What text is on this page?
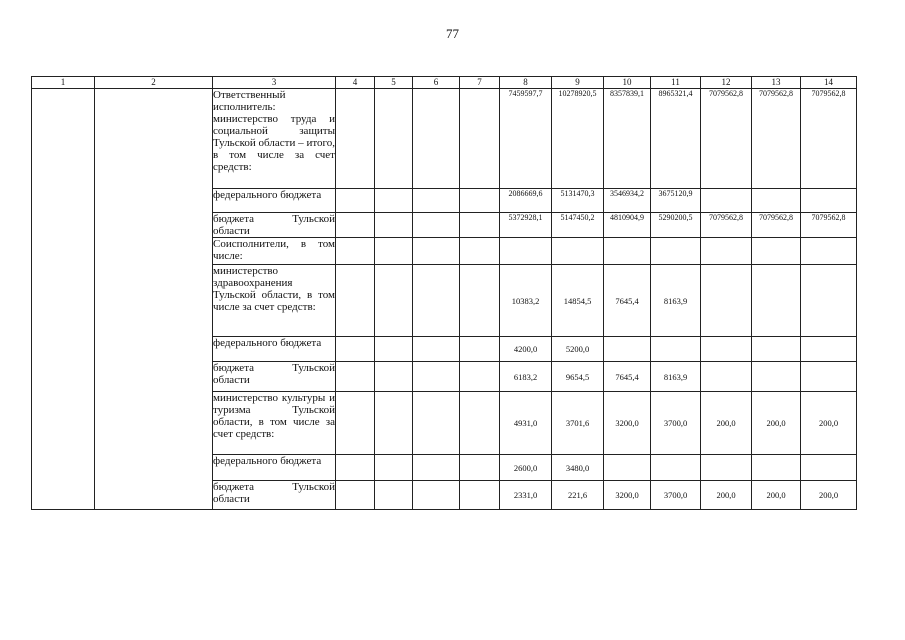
77
1	2	3	4	5	6	7	8	9	10	11	12	13	14
		Ответственный исполнитель: министерство труда и социальной защиты Тульской области – итого, в том числе за счет средств:					7459597,7	10278920,5	8357839,1	8965321,4	7079562,8	7079562,8	7079562,8
		федерального бюджета					2086669,6	5131470,3	3546934,2	3675120,9			
		бюджета Тульской области					5372928,1	5147450,2	4810904,9	5290200,5	7079562,8	7079562,8	7079562,8
		Соисполнители, в том числе:											
		министерство здравоохранения Тульской области, в том числе за счет средств:					10383,2	14854,5	7645,4	8163,9			
		федерального бюджета					4200,0	5200,0					
		бюджета Тульской области					6183,2	9654,5	7645,4	8163,9			
		министерство культуры и туризма Тульской области, в том числе за счет средств:					4931,0	3701,6	3200,0	3700,0	200,0	200,0	200,0
		федерального бюджета					2600,0	3480,0					
		бюджета Тульской области					2331,0	221,6	3200,0	3700,0	200,0	200,0	200,0
